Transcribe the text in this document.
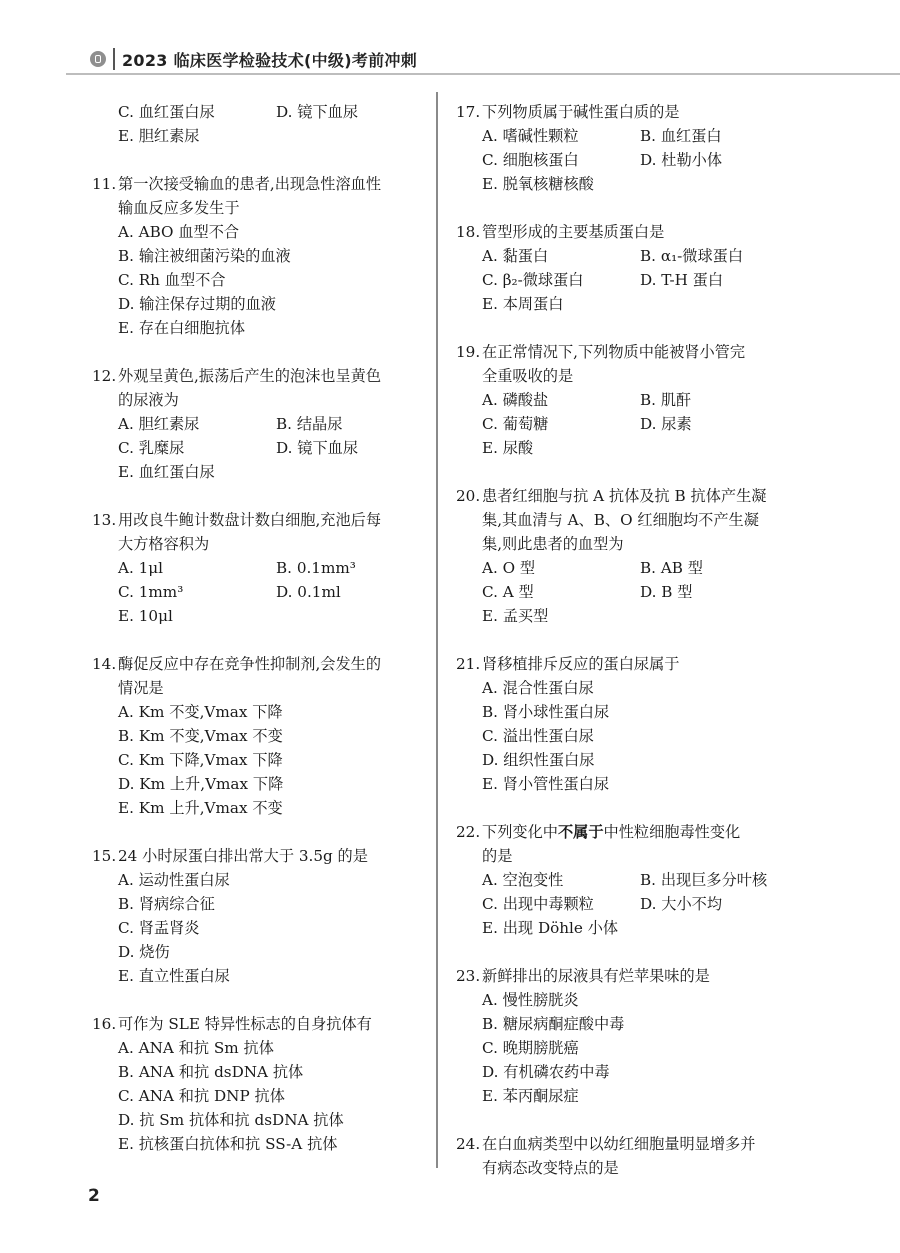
2023 临床医学检验技术(中级)考前冲刺
C. 血红蛋白尿	D. 镜下血尿
E. 胆红素尿
11. 第一次接受输血的患者,出现急性溶血性
输血反应多发生于
A. ABO 血型不合
B. 输注被细菌污染的血液
C. Rh 血型不合
D. 输注保存过期的血液
E. 存在白细胞抗体
12. 外观呈黄色,振荡后产生的泡沫也呈黄色
的尿液为
A. 胆红素尿	B. 结晶尿
C. 乳糜尿	D. 镜下血尿
E. 血红蛋白尿
13. 用改良牛鲍计数盘计数白细胞,充池后每
大方格容积为
A. 1μl	B. 0.1mm³
C. 1mm³	D. 0.1ml
E. 10μl
14. 酶促反应中存在竞争性抑制剂,会发生的
情况是
A. Km 不变,Vmax 下降
B. Km 不变,Vmax 不变
C. Km 下降,Vmax 下降
D. Km 上升,Vmax 下降
E. Km 上升,Vmax 不变
15. 24 小时尿蛋白排出常大于 3.5g 的是
A. 运动性蛋白尿
B. 肾病综合征
C. 肾盂肾炎
D. 烧伤
E. 直立性蛋白尿
16. 可作为 SLE 特异性标志的自身抗体有
A. ANA 和抗 Sm 抗体
B. ANA 和抗 dsDNA 抗体
C. ANA 和抗 DNP 抗体
D. 抗 Sm 抗体和抗 dsDNA 抗体
E. 抗核蛋白抗体和抗 SS-A 抗体
17. 下列物质属于碱性蛋白质的是
A. 嗜碱性颗粒	B. 血红蛋白
C. 细胞核蛋白	D. 杜勒小体
E. 脱氧核糖核酸
18. 管型形成的主要基质蛋白是
A. 黏蛋白	B. α₁-微球蛋白
C. β₂-微球蛋白	D. T-H 蛋白
E. 本周蛋白
19. 在正常情况下,下列物质中能被肾小管完
全重吸收的是
A. 磷酸盐	B. 肌酐
C. 葡萄糖	D. 尿素
E. 尿酸
20. 患者红细胞与抗 A 抗体及抗 B 抗体产生凝
集,其血清与 A、B、O 红细胞均不产生凝
集,则此患者的血型为
A. O 型	B. AB 型
C. A 型	D. B 型
E. 孟买型
21. 肾移植排斥反应的蛋白尿属于
A. 混合性蛋白尿
B. 肾小球性蛋白尿
C. 溢出性蛋白尿
D. 组织性蛋白尿
E. 肾小管性蛋白尿
22. 下列变化中不属于中性粒细胞毒性变化
的是
A. 空泡变性	B. 出现巨多分叶核
C. 出现中毒颗粒	D. 大小不均
E. 出现 Döhle 小体
23. 新鲜排出的尿液具有烂苹果味的是
A. 慢性膀胱炎
B. 糖尿病酮症酸中毒
C. 晚期膀胱癌
D. 有机磷农药中毒
E. 苯丙酮尿症
24. 在白血病类型中以幼红细胞量明显增多并
有病态改变特点的是
2
